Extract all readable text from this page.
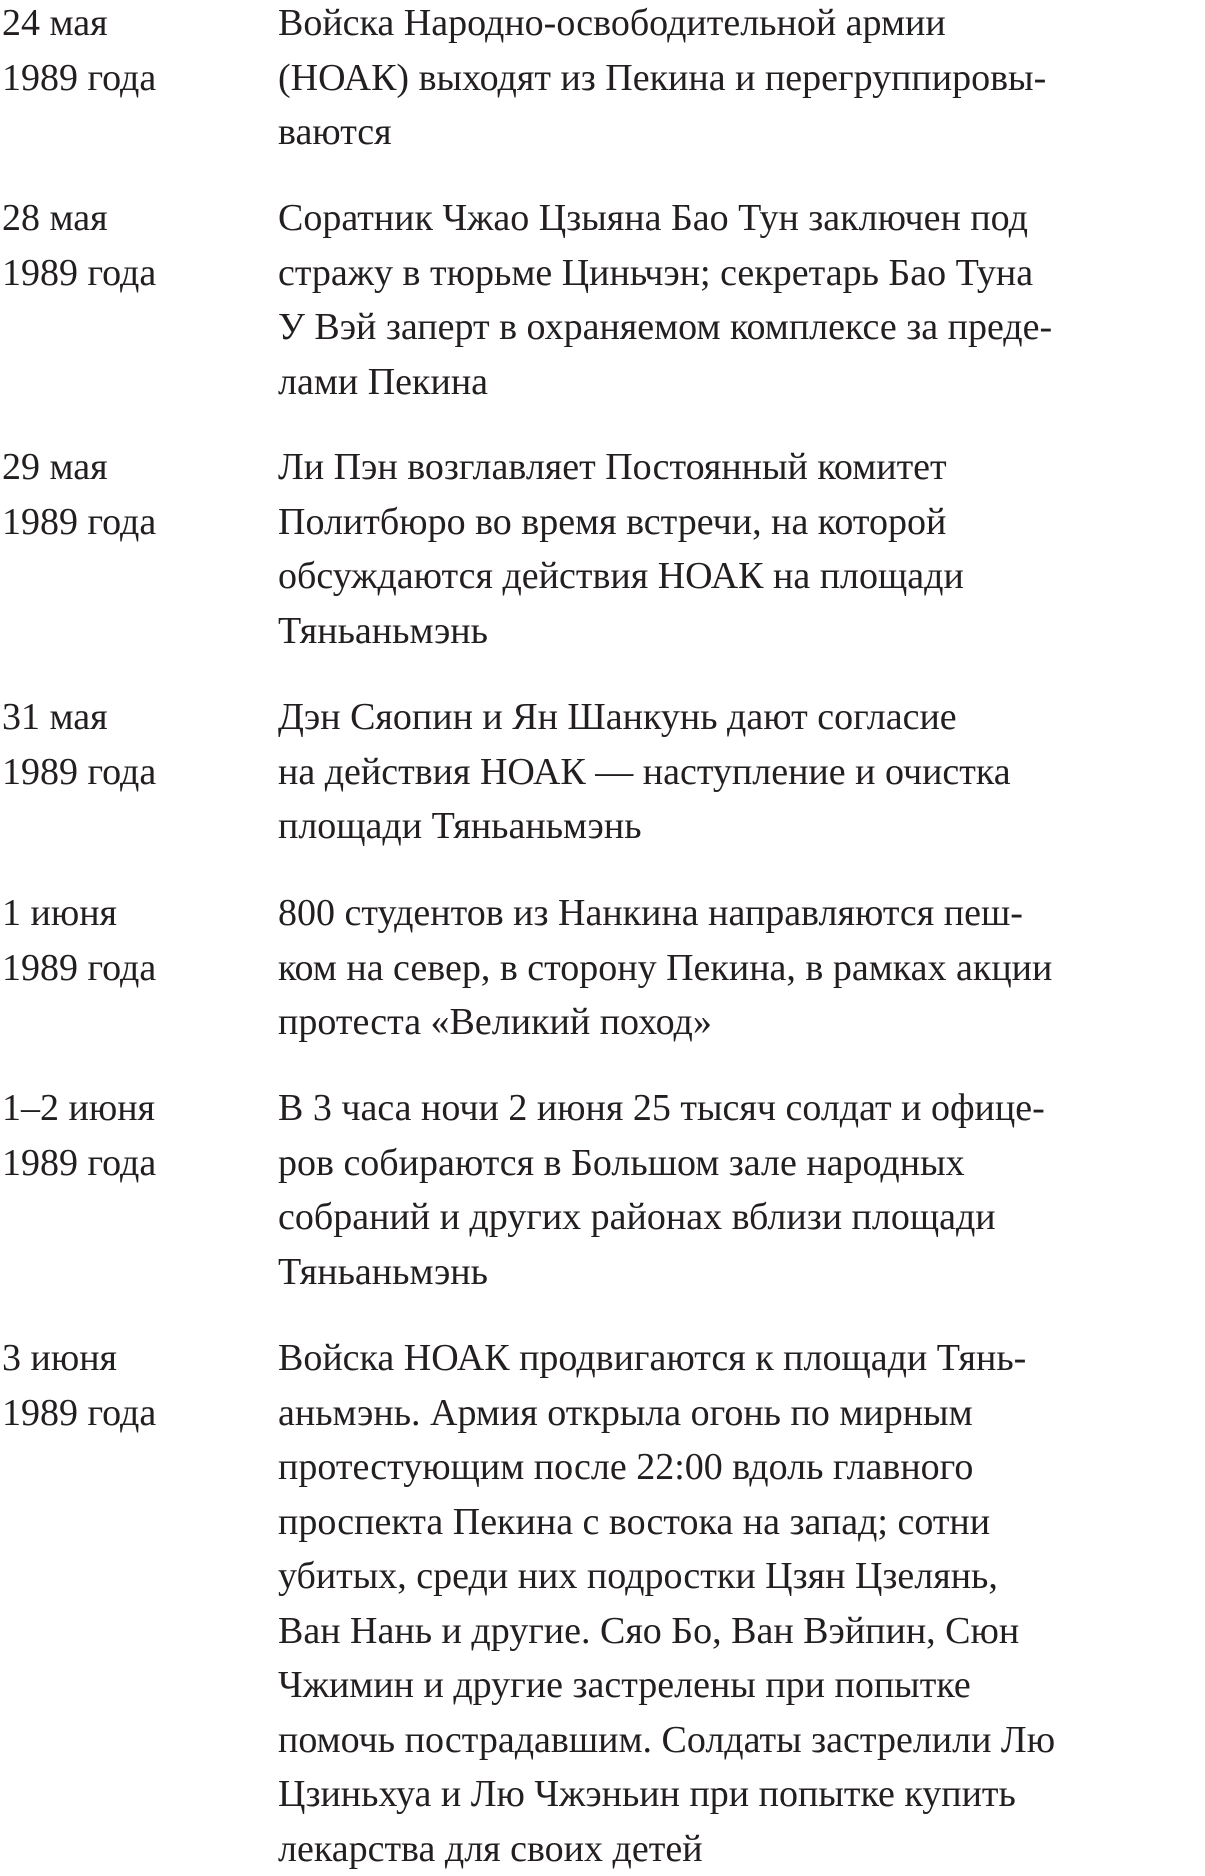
24 мая
1989 года
Войска Народно-освободительной армии
(НОАК) выходят из Пекина и перегруппировы-
ваются
28 мая
1989 года
Соратник Чжао Цзыяна Бао Тун заключен под
стражу в тюрьме Циньчэн; секретарь Бао Туна
У Вэй заперт в охраняемом комплексе за преде-
лами Пекина
29 мая
1989 года
Ли Пэн возглавляет Постоянный комитет
Политбюро во время встречи, на которой
обсуждаются действия НОАК на площади
Тяньаньмэнь
31 мая
1989 года
Дэн Сяопин и Ян Шанкунь дают согласие
на действия НОАК — наступление и очистка
площади Тяньаньмэнь
1 июня
1989 года
800 студентов из Нанкина направляются пеш-
ком на север, в сторону Пекина, в рамках акции
протеста «Великий поход»
1–2 июня
1989 года
В 3 часа ночи 2 июня 25 тысяч солдат и офице-
ров собираются в Большом зале народных
собраний и других районах вблизи площади
Тяньаньмэнь
3 июня
1989 года
Войска НОАК продвигаются к площади Тянь-
аньмэнь. Армия открыла огонь по мирным
протестующим после 22:00 вдоль главного
проспекта Пекина с востока на запад; сотни
убитых, среди них подростки Цзян Цзелянь,
Ван Нань и другие. Сяо Бо, Ван Вэйпин, Сюн
Чжимин и другие застрелены при попытке
помочь пострадавшим. Солдаты застрелили Лю
Цзиньхуа и Лю Чжэньин при попытке купить
лекарства для своих детей
